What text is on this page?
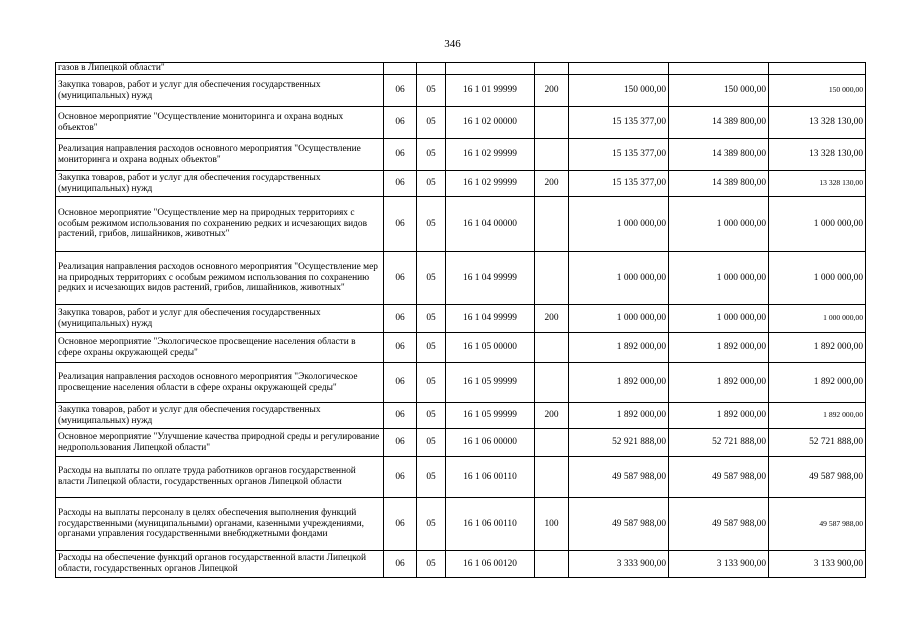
346
газов в Липецкой области"							
Закупка товаров, работ и услуг для обеспечения государственных (муниципальных) нужд	06	05	16 1 01 99999	200	150 000,00	150 000,00	150 000,00
Основное мероприятие "Осуществление мониторинга и охрана водных объектов"	06	05	16 1 02 00000		15 135 377,00	14 389 800,00	13 328 130,00
Реализация направления расходов основного мероприятия "Осуществление мониторинга и охрана водных объектов"	06	05	16 1 02 99999		15 135 377,00	14 389 800,00	13 328 130,00
Закупка товаров, работ и услуг для обеспечения государственных (муниципальных) нужд	06	05	16 1 02 99999	200	15 135 377,00	14 389 800,00	13 328 130,00
Основное мероприятие "Осуществление мер на природных территориях с особым режимом использования по сохранению редких и исчезающих видов растений, грибов, лишайников, животных"	06	05	16 1 04 00000		1 000 000,00	1 000 000,00	1 000 000,00
Реализация направления расходов основного мероприятия "Осуществление мер на природных территориях с особым режимом использования по сохранению редких и исчезающих видов растений, грибов, лишайников, животных"	06	05	16 1 04 99999		1 000 000,00	1 000 000,00	1 000 000,00
Закупка товаров, работ и услуг для обеспечения государственных (муниципальных) нужд	06	05	16 1 04 99999	200	1 000 000,00	1 000 000,00	1 000 000,00
Основное мероприятие "Экологическое просвещение населения области в сфере охраны окружающей среды"	06	05	16 1 05 00000		1 892 000,00	1 892 000,00	1 892 000,00
Реализация направления расходов основного мероприятия "Экологическое просвещение населения области в сфере охраны окружающей среды"	06	05	16 1 05 99999		1 892 000,00	1 892 000,00	1 892 000,00
Закупка товаров, работ и услуг для обеспечения государственных (муниципальных) нужд	06	05	16 1 05 99999	200	1 892 000,00	1 892 000,00	1 892 000,00
Основное мероприятие "Улучшение качества природной среды и регулирование недропользования Липецкой области"	06	05	16 1 06 00000		52 921 888,00	52 721 888,00	52 721 888,00
Расходы на выплаты по оплате труда работников органов государственной власти Липецкой области, государственных органов Липецкой области	06	05	16 1 06 00110		49 587 988,00	49 587 988,00	49 587 988,00
Расходы на выплаты персоналу в целях обеспечения выполнения функций государственными (муниципальными) органами, казенными учреждениями, органами управления государственными внебюджетными фондами	06	05	16 1 06 00110	100	49 587 988,00	49 587 988,00	49 587 988,00
Расходы на обеспечение функций органов государственной власти Липецкой области, государственных органов Липецкой	06	05	16 1 06 00120		3 333 900,00	3 133 900,00	3 133 900,00
